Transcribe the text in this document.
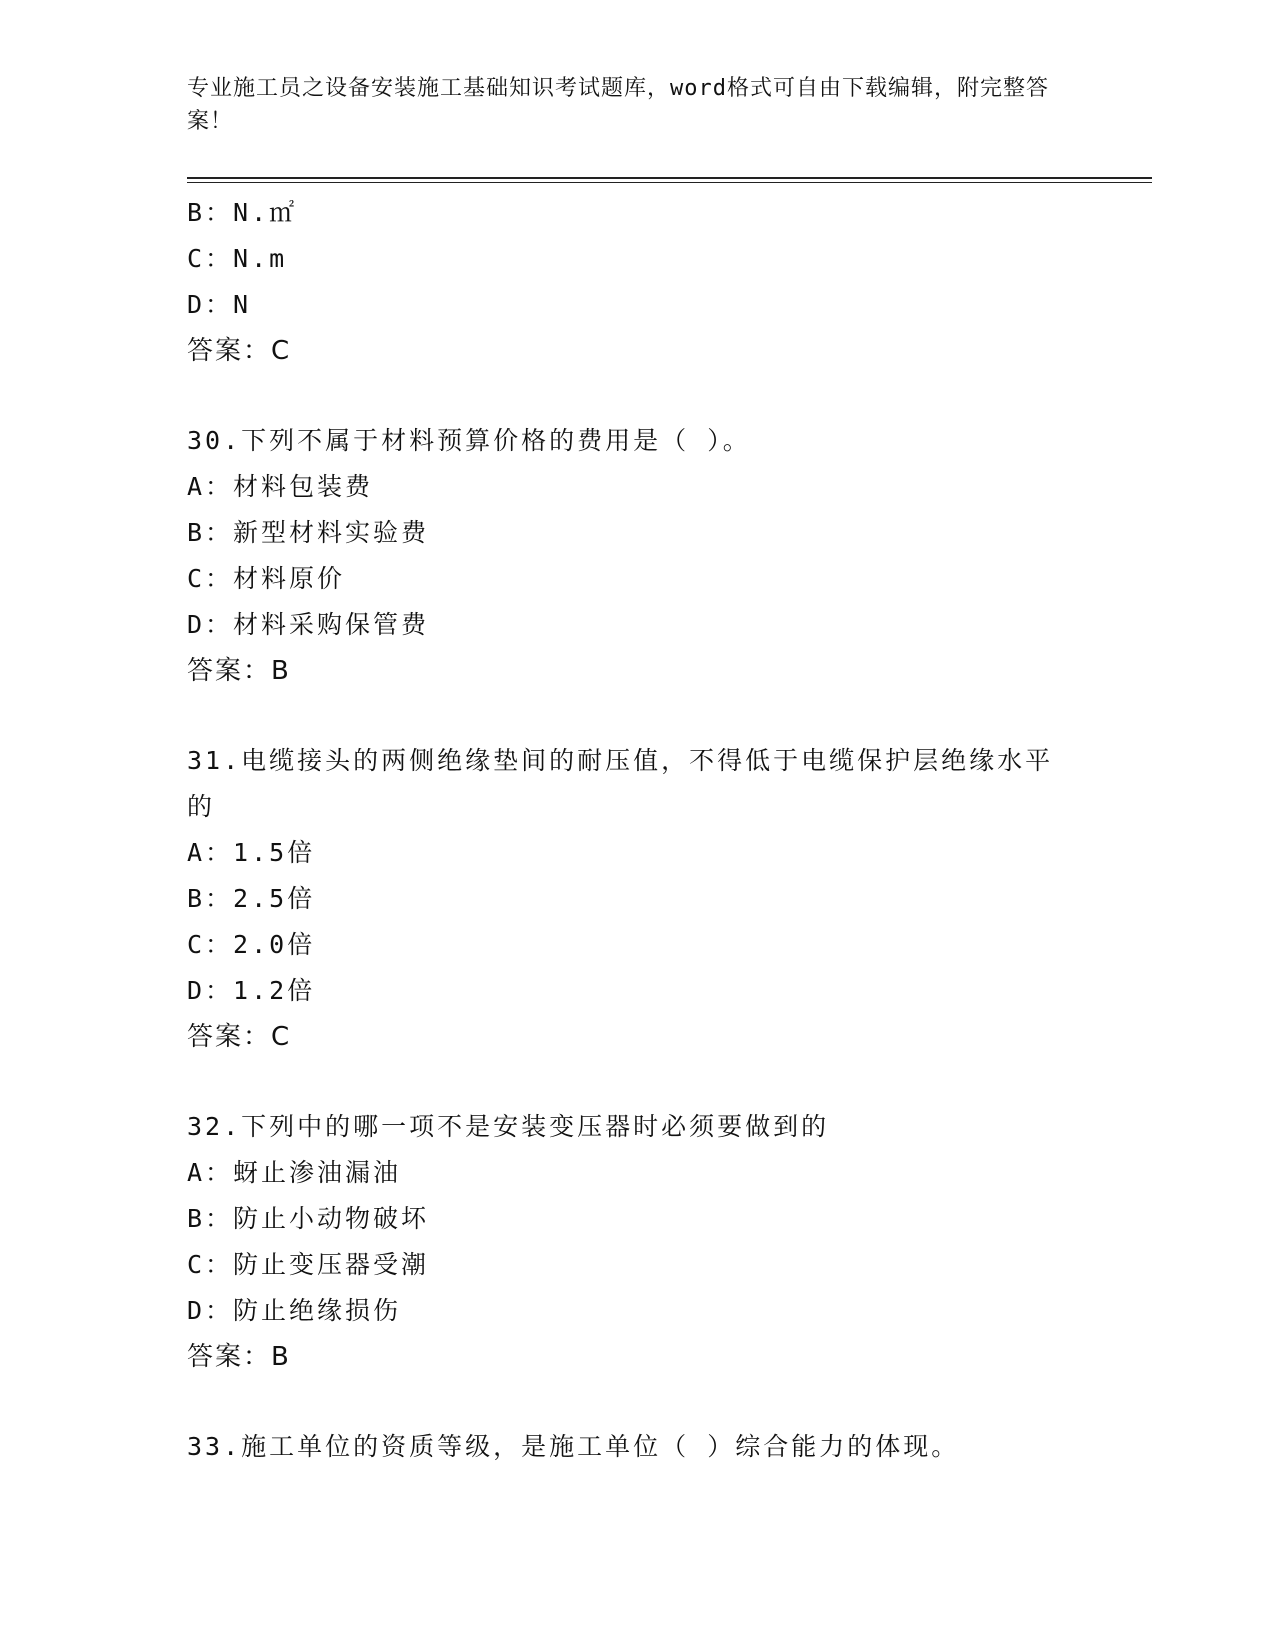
专业施工员之设备安装施工基础知识考试题库，word格式可自由下载编辑，附完整答案！
B：N.㎡
C：N.m
D：N
答案：C
30.下列不属于材料预算价格的费用是（ ）。
A：材料包装费
B：新型材料实验费
C：材料原价
D：材料采购保管费
答案：B
31.电缆接头的两侧绝缘垫间的耐压值，不得低于电缆保护层绝缘水平的
A：1.5倍
B：2.5倍
C：2.0倍
D：1.2倍
答案：C
32.下列中的哪一项不是安装变压器时必须要做到的
A：蚜止渗油漏油
B：防止小动物破坏
C：防止变压器受潮
D：防止绝缘损伤
答案：B
33.施工单位的资质等级，是施工单位（ ）综合能力的体现。
